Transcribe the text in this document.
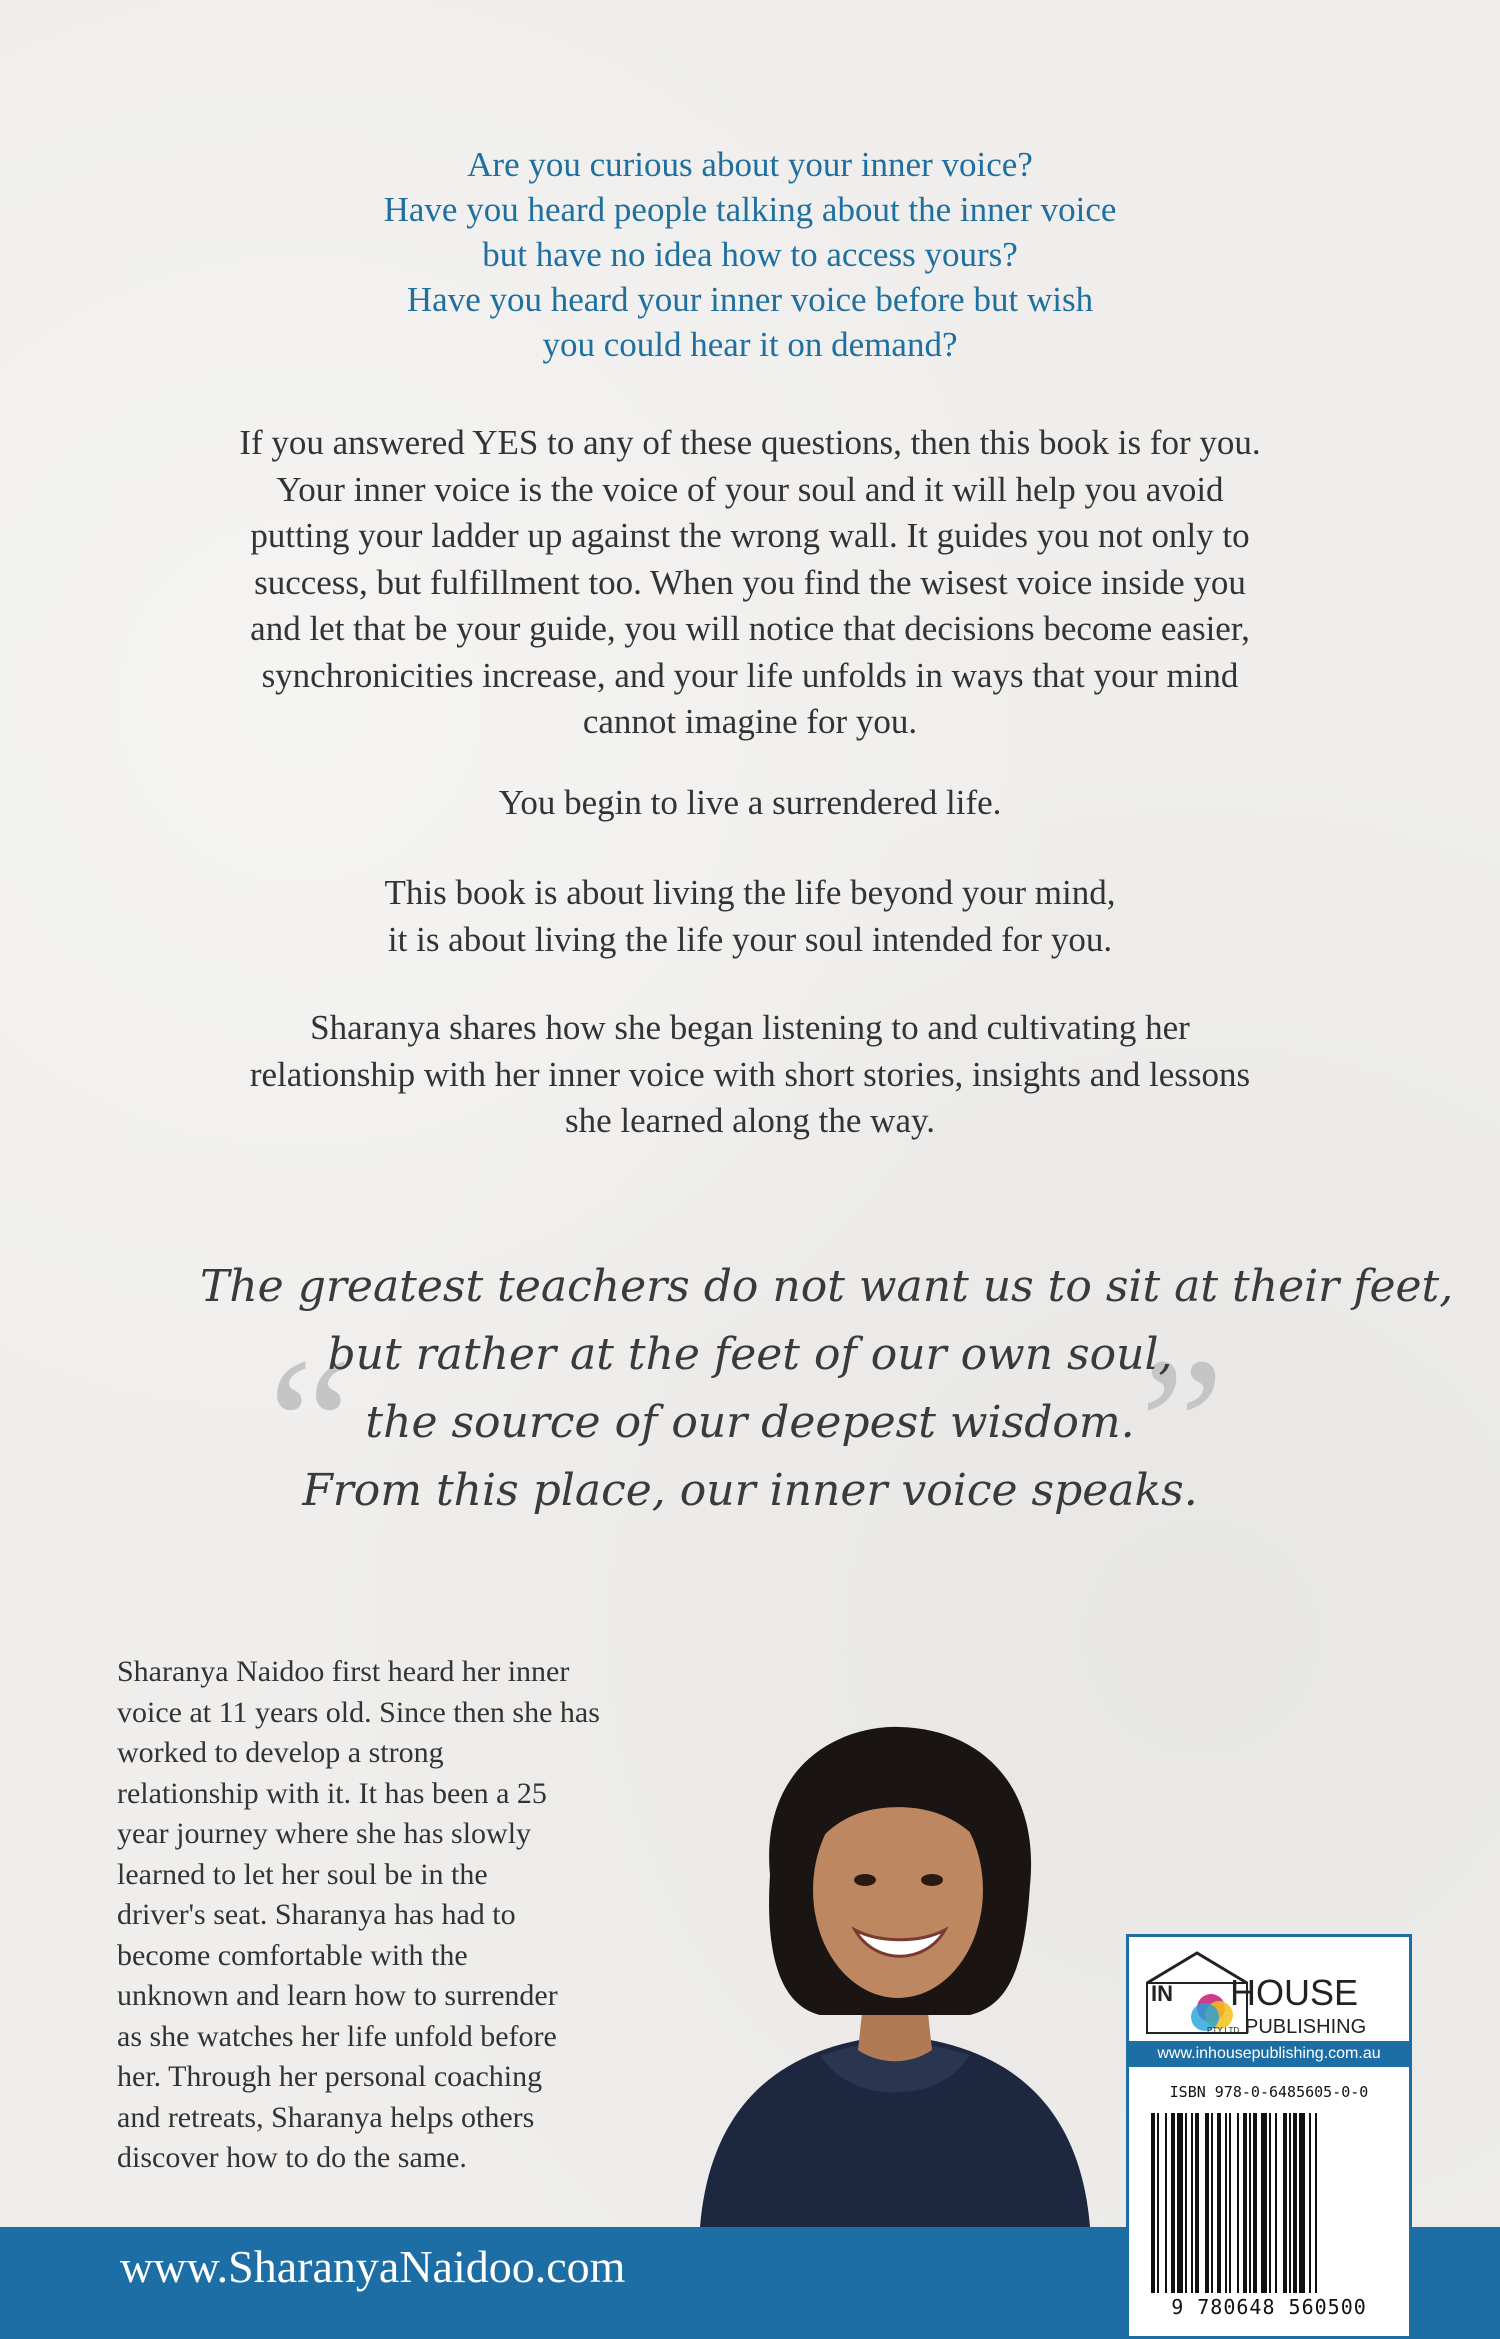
Are you curious about your inner voice?
Have you heard people talking about the inner voice
but have no idea how to access yours?
Have you heard your inner voice before but wish
you could hear it on demand?
If you answered YES to any of these questions, then this book is for you.
Your inner voice is the voice of your soul and it will help you avoid
putting your ladder up against the wrong wall. It guides you not only to
success, but fulfillment too. When you find the wisest voice inside you
and let that be your guide, you will notice that decisions become easier,
synchronicities increase, and your life unfolds in ways that your mind
cannot imagine for you.
You begin to live a surrendered life.
This book is about living the life beyond your mind,
it is about living the life your soul intended for you.
Sharanya shares how she began listening to and cultivating her
relationship with her inner voice with short stories, insights and lessons
she learned along the way.
“	”
The greatest teachers do not want us to sit at their feet,
but rather at the feet of our own soul,
the source of our deepest wisdom.
From this place, our inner voice speaks.
Sharanya Naidoo first heard her inner
voice at 11 years old. Since then she has
worked to develop a strong
relationship with it. It has been a 25
year journey where she has slowly
learned to let her soul be in the
driver's seat. Sharanya has had to
become comfortable with the
unknown and learn how to surrender
as she watches her life unfold before
her. Through her personal coaching
and retreats, Sharanya helps others
discover how to do the same.
www.SharanyaNaidoo.com
IN HOUSE
PTY LTD PUBLISHING
www.inhousepublishing.com.au
ISBN 978-0-6485605-0-0
9 780648 560500
